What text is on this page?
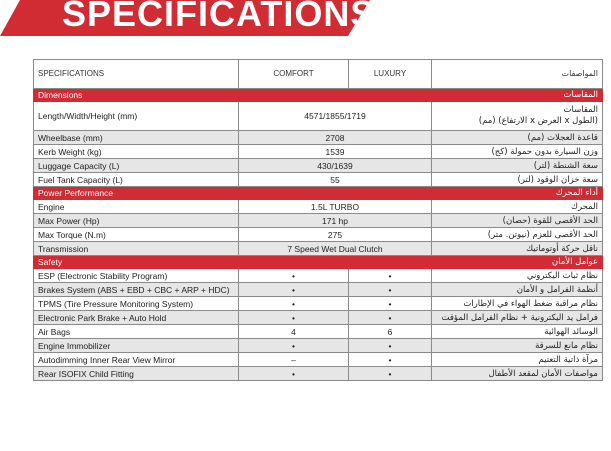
SPECIFICATIONS
SPECIFICATIONS	COMFORT	LUXURY	المواصفات
Dimensions			المقاسات
Length/Width/Height (mm)	4571/1855/1719		المقاسات
(الطول x العرض x الارتفاع) (مم)

Wheelbase (mm)	2708		قاعدة العجلات (مم)
Kerb Weight (kg)	1539		وزن السيارة بدون حمولة (كج)
Luggage Capacity (L)	430/1639		سعة الشنطة (لتر)
Fuel Tank Capacity (L)	55		سعة خزان الوقود (لتر)
Power Performance			أداء المحرك
Engine	1.5L TURBO		المحرك
Max Power (Hp)	171 hp		الحد الأقصى للقوة (حصان)
Max Torque (N.m)	275		الحد الأقصى للعزم (نيوتن. متر)
Transmission	7 Speed Wet Dual Clutch		ناقل حركة أوتوماتيك
Safety			عوامل الأمان
ESP (Electronic Stability Program)	•	•	نظام ثبات اليكتروني
Brakes System (ABS + EBD + CBC + ARP + HDC)	•	•	أنظمة الفرامل و الأمان
TPMS (Tire Pressure Monitoring System)	•	•	نظام مراقبة ضغط الهواء في الإطارات
Electronic Park Brake + Auto Hold	•	•	فرامل يد اليكترونية + نظام الفرامل المؤقت
Air Bags	4	6	الوسائد الهوائية
Engine Immobilizer	•	•	نظام مانع للسرقة
Autodimming Inner Rear View Mirror	–	•	مرآة ذاتية التعتيم
Rear ISOFIX Child Fitting	•	•	مواصفات الأمان لمقعد الأطفال
